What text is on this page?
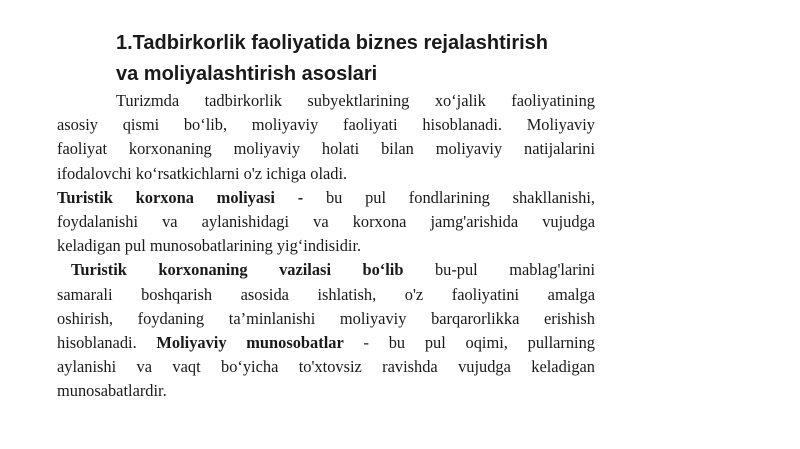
1.Tadbirkorlik faoliyatida biznes rejalashtirish
va moliyalashtirish asoslari
Turizmda tadbirkorlik subyektlarining xo‘jalik faoliyatining
asosiy qismi bo‘lib, moliyaviy faoliyati hisoblanadi. Moliyaviy
faoliyat korxonaning moliyaviy holati bilan moliyaviy natijalarini
ifodalovchi ko‘rsatkichlarni o'z ichiga oladi.
Turistik korxona moliyasi - bu pul fondlarining shakllanishi,
foydalanishi va aylanishidagi va korxona jamg'arishida vujudga
keladigan pul munosobatlarining yig‘indisidir.
Turistik korxonaning vazilasi bo‘lib bu-pul mablag'larini
samarali boshqarish asosida ishlatish, o'z faoliyatini amalga
oshirish, foydaning ta’minlanishi moliyaviy barqarorlikka erishish
hisoblanadi. Moliyaviy munosobatlar - bu pul oqimi, pullarning
aylanishi va vaqt bo‘yicha to'xtovsiz ravishda vujudga keladigan
munosabatlardir.
